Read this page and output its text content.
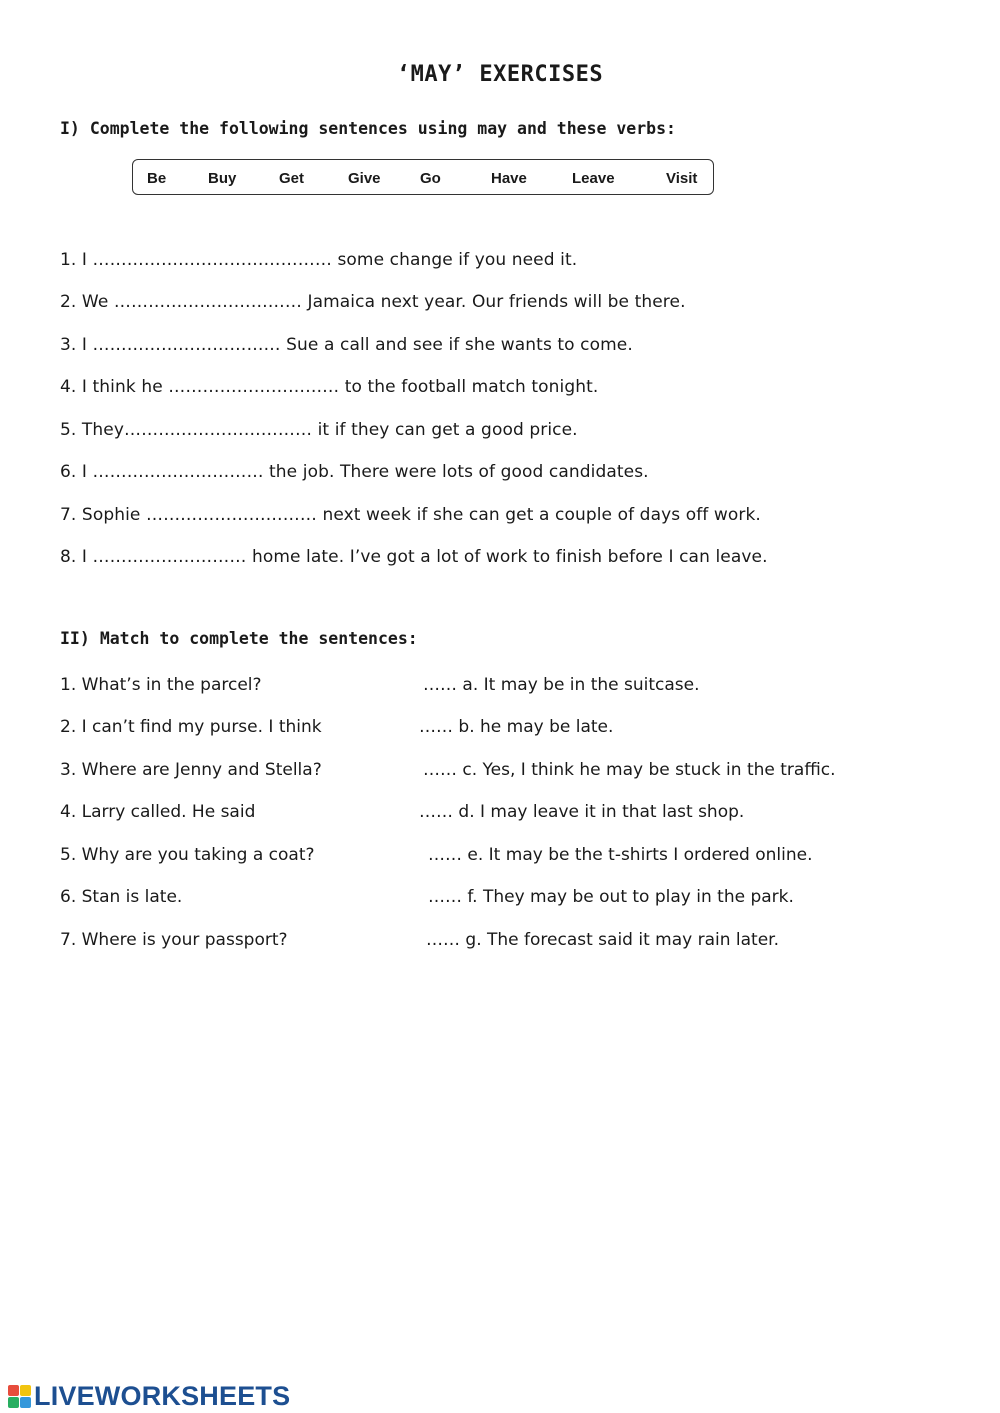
‘MAY’ EXERCISES
I) Complete the following sentences using may and these verbs:
Be	Buy	Get	Give	Go	Have	Leave	Visit
1. I …………………………………… some change if you need it.
2. We …………………………… Jamaica next year. Our friends will be there.
3. I …………………………… Sue a call and see if she wants to come.
4. I think he ………………………… to the football match tonight.
5. They…………………………… it if they can get a good price.
6. I ………………………… the job. There were lots of good candidates.
7. Sophie ………………………… next week if she can get a couple of days off work.
8. I ……………………… home late. I’ve got a lot of work to finish before I can leave.
II) Match to complete the sentences:
1. What’s in the parcel?	…… a. It may be in the suitcase.
2. I can’t find my purse. I think	…… b. he may be late.
3. Where are Jenny and Stella?	…… c. Yes, I think he may be stuck in the traffic.
4. Larry called. He said	…… d. I may leave it in that last shop.
5. Why are you taking a coat?	…… e. It may be the t-shirts I ordered online.
6. Stan is late.	…… f. They may be out to play in the park.
7. Where is your passport?	…… g. The forecast said it may rain later.
LIVEWORKSHEETS
